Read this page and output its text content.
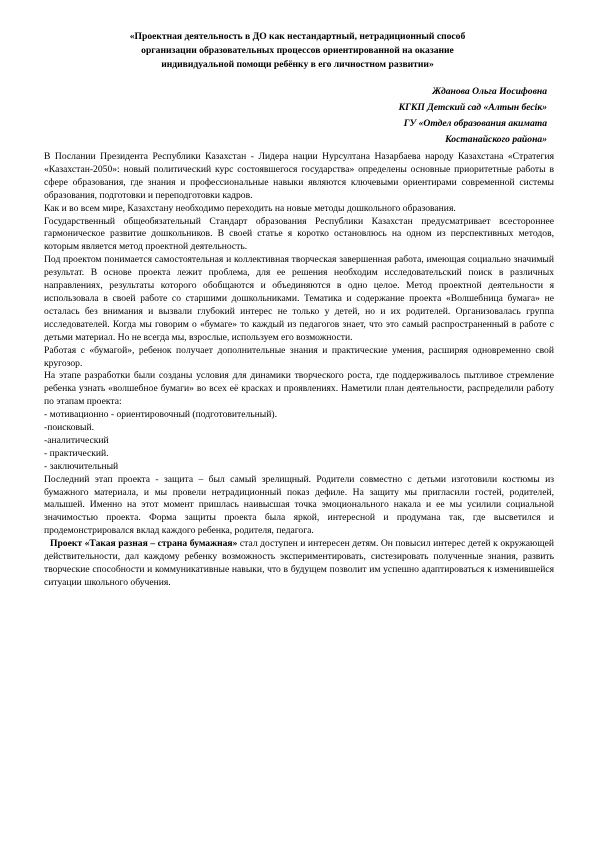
«Проектная деятельность в ДО как нестандартный, нетрадиционный способ
организации образовательных процессов ориентированной на оказание
индивидуальной помощи ребёнку в его личностном развитии»
Жданова Ольга Иосифовна
КГКП Детский сад «Алтын бесік»
ГУ «Отдел образования акимата
Костанайского района»

В Послании Президента Республики Казахстан - Лидера нации Нурсултана Назарбаева народу Казахстана «Стратегия «Казахстан-2050»: новый политический курс состоявшегося государства» определены основные приоритетные работы в сфере образования, где знания и профессиональные навыки являются ключевыми ориентирами современной системы образования, подготовки и переподготовки кадров.

Как и во всем мире, Казахстану необходимо переходить на новые методы дошкольного образования.

Государственный общеобязательный Стандарт образования Республики Казахстан предусматривает всестороннее гармоническое развитие дошкольников. В своей статье я коротко остановлюсь на одном из перспективных методов, которым является метод проектной деятельность.

Под проектом понимается самостоятельная и коллективная творческая завершенная работа, имеющая социально значимый результат. В основе проекта лежит проблема, для ее решения необходим исследовательский поиск в различных направлениях, результаты которого обобщаются и объединяются в одно целое. Метод проектной деятельности я использовала в своей работе со старшими дошкольниками. Тематика и содержание проекта «Волшебница бумага» не осталась без внимания и вызвали глубокий интерес не только у детей, но и их родителей. Организовалась группа исследователей. Когда мы говорим о «бумаге» то каждый из педагогов знает, что это самый распространенный в работе с детьми материал. Но не всегда мы, взрослые, используем его возможности.

Работая с «бумагой», ребенок получает дополнительные знания и практические умения, расширяя одновременно свой кругозор.

На этапе разработки были созданы условия для динамики творческого роста, где поддерживалось пытливое стремление ребенка узнать «волшебное бумаги» во всех её красках и проявлениях. Наметили план деятельности, распределили работу по этапам проекта:

- мотивационно - ориентировочный (подготовительный).

-поисковый.

-аналитический

- практический.

- заключительный

Последний этап проекта - защита – был самый зрелищный. Родители совместно с детьми изготовили костюмы из бумажного материала, и мы провели нетрадиционный показ дефиле. На защиту мы пригласили гостей, родителей, малышей. Именно на этот момент пришлась наивысшая точка эмоционального накала и ее мы усилили социальной значимостью проекта. Форма защиты проекта была яркой, интересной и продумана так, где высветился и продемонстрировался вклад каждого ребенка, родителя, педагога.

Проект «Такая разная – страна бумажная» стал доступен и интересен детям. Он повысил интерес детей к окружающей действительности, дал каждому ребенку возможность экспериментировать, систезировать полученные знания, развить творческие способности и коммуникативные навыки, что в будущем позволит им успешно адаптироваться к изменившейся ситуации школьного обучения.
